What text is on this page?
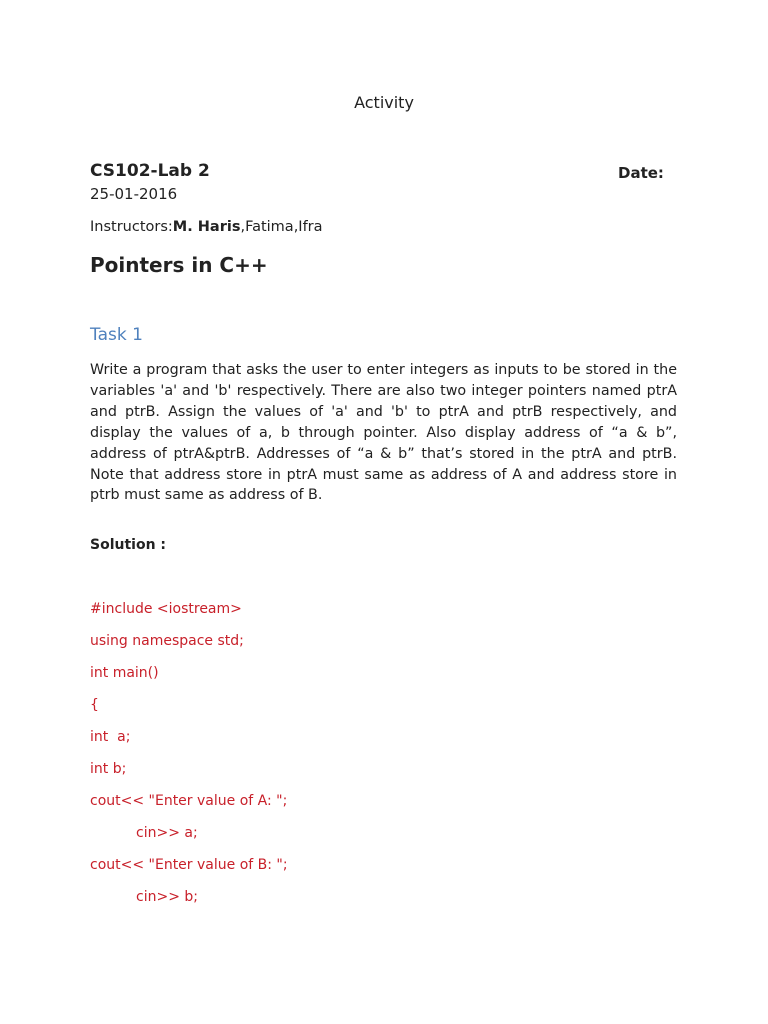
Activity
CS102-Lab 2	Date:
25-01-2016
Instructors:M. Haris,Fatima,Ifra
Pointers in C++
Task 1
Write a program that asks the user to enter integers as inputs to be stored in the variables 'a' and 'b' respectively. There are also two integer pointers named ptrA and ptrB. Assign the values of 'a' and 'b' to ptrA and ptrB respectively, and display the values of a, b through pointer. Also display address of “a & b”, address of ptrA&ptrB. Addresses of “a & b” that’s stored in the ptrA and ptrB. Note that address store in ptrA must same as address of A and address store in ptrb must same as address of B.
Solution :
#include <iostream>
using namespace std;
int main()
{
int  a;
int b;
cout<< "Enter value of A: ";
cin>> a;
cout<< "Enter value of B: ";
cin>> b;
